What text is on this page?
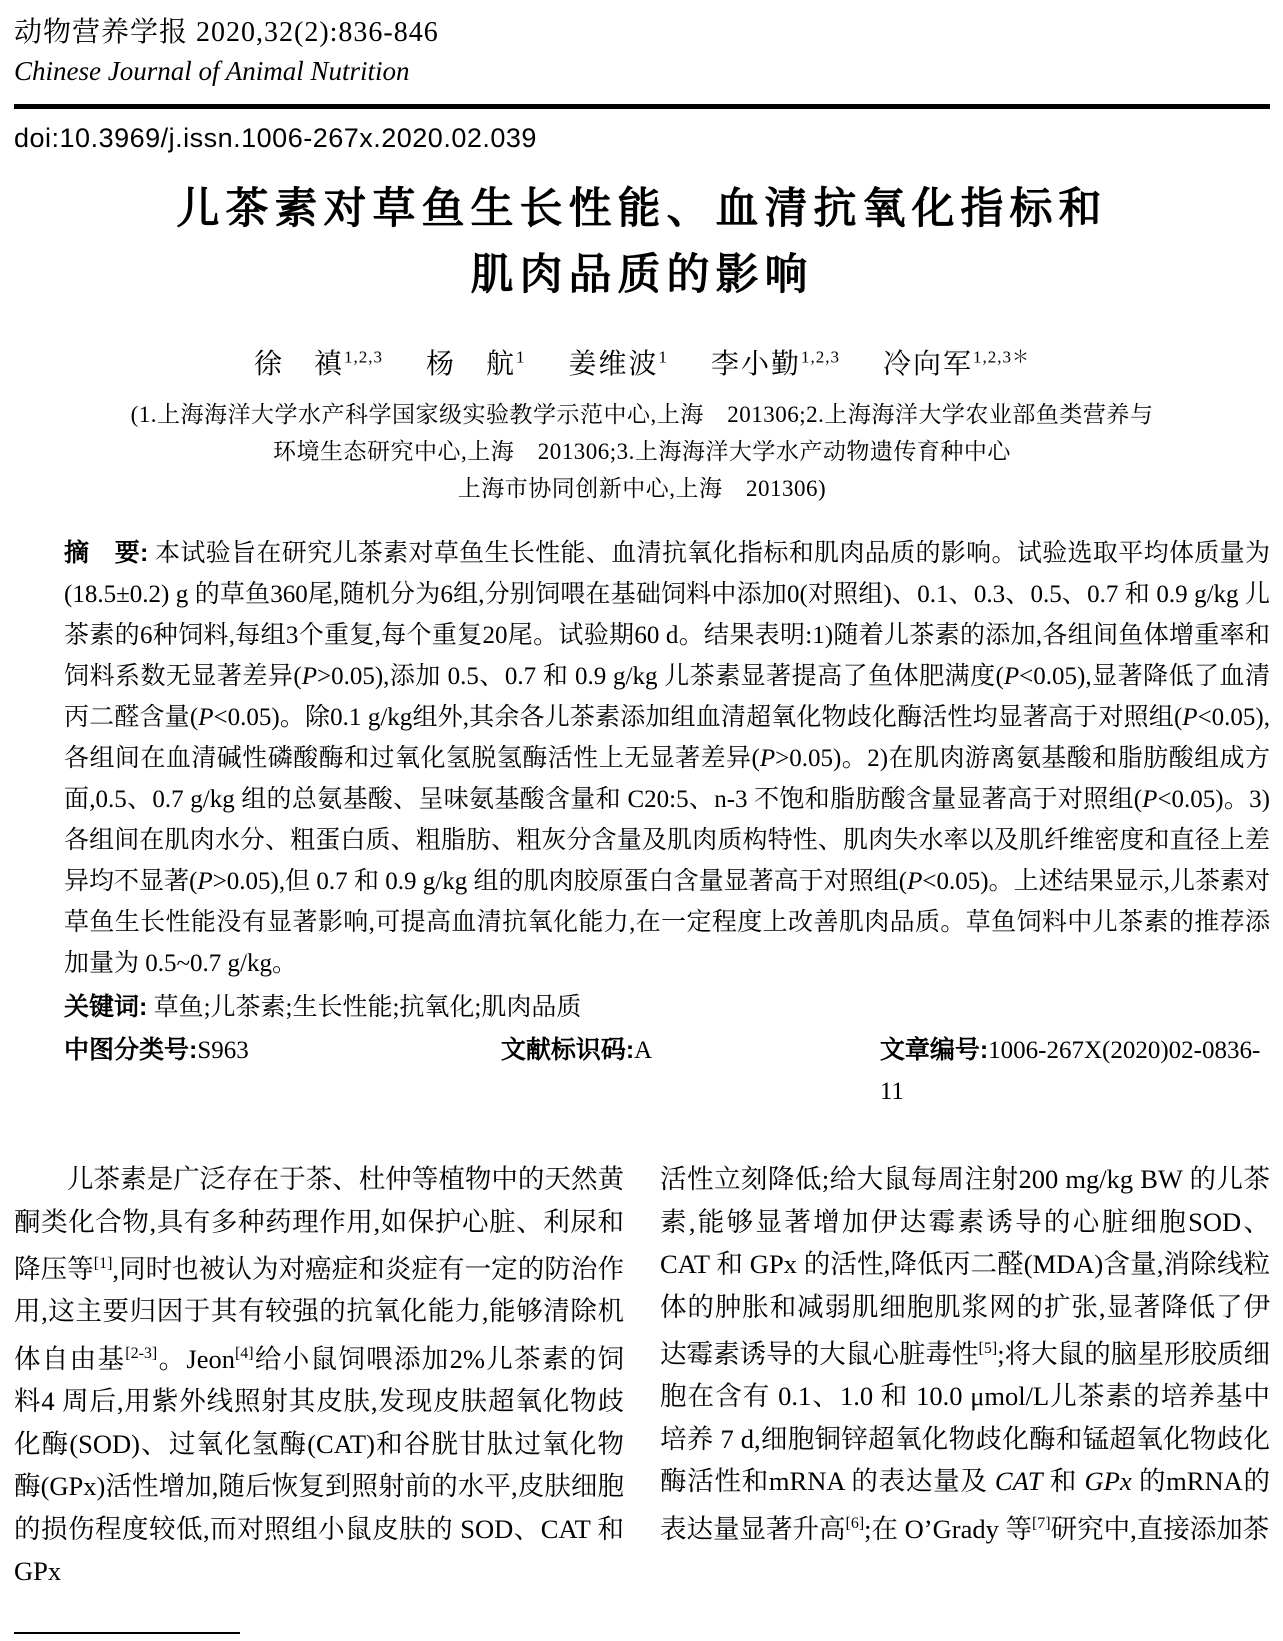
动物营养学报 2020,32(2):836-846
Chinese Journal of Animal Nutrition
doi:10.3969/j.issn.1006-267x.2020.02.039
儿茶素对草鱼生长性能、血清抗氧化指标和
肌肉品质的影响
徐　禛$^{1,2,3}$ 杨　航$^1$ 姜维波$^1$ 李小勤$^{1,2,3}$ 冷向军$^{1,2,3*}$
(1.上海海洋大学水产科学国家级实验教学示范中心,上海　201306;2.上海海洋大学农业部鱼类营养与
环境生态研究中心,上海　201306;3.上海海洋大学水产动物遗传育种中心
上海市协同创新中心,上海　201306)
摘　要: 本试验旨在研究儿茶素对草鱼生长性能、血清抗氧化指标和肌肉品质的影响。试验选取平均体质量为(18.5±0.2) g 的草鱼360尾,随机分为6组,分别饲喂在基础饲料中添加0(对照组)、0.1、0.3、0.5、0.7 和 0.9 g/kg 儿茶素的6种饲料,每组3个重复,每个重复20尾。试验期60 d。结果表明:1)随着儿茶素的添加,各组间鱼体增重率和饲料系数无显著差异(P>0.05),添加 0.5、0.7 和 0.9 g/kg 儿茶素显著提高了鱼体肥满度(P<0.05),显著降低了血清丙二醛含量(P<0.05)。除0.1 g/kg组外,其余各儿茶素添加组血清超氧化物歧化酶活性均显著高于对照组(P<0.05),各组间在血清碱性磷酸酶和过氧化氢脱氢酶活性上无显著差异(P>0.05)。2)在肌肉游离氨基酸和脂肪酸组成方面,0.5、0.7 g/kg 组的总氨基酸、呈味氨基酸含量和 C20:5、n-3 不饱和脂肪酸含量显著高于对照组(P<0.05)。3)各组间在肌肉水分、粗蛋白质、粗脂肪、粗灰分含量及肌肉质构特性、肌肉失水率以及肌纤维密度和直径上差异均不显著(P>0.05),但 0.7 和 0.9 g/kg 组的肌肉胶原蛋白含量显著高于对照组(P<0.05)。上述结果显示,儿茶素对草鱼生长性能没有显著影响,可提高血清抗氧化能力,在一定程度上改善肌肉品质。草鱼饲料中儿茶素的推荐添加量为 0.5~0.7 g/kg。
关键词: 草鱼;儿茶素;生长性能;抗氧化;肌肉品质
中图分类号:S963	文献标识码:A	文章编号:1006-267X(2020)02-0836-11

儿茶素是广泛存在于茶、杜仲等植物中的天然黄酮类化合物,具有多种药理作用,如保护心脏、利尿和降压等[1],同时也被认为对癌症和炎症有一定的防治作用,这主要归因于其有较强的抗氧化能力,能够清除机体自由基[2-3]。Jeon[4]给小鼠饲喂添加2%儿茶素的饲料4 周后,用紫外线照射其皮肤,发现皮肤超氧化物歧化酶(SOD)、过氧化氢酶(CAT)和谷胱甘肽过氧化物酶(GPx)活性增加,随后恢复到照射前的水平,皮肤细胞的损伤程度较低,而对照组小鼠皮肤的 SOD、CAT 和 GPx

活性立刻降低;给大鼠每周注射200 mg/kg BW 的儿茶素,能够显著增加伊达霉素诱导的心脏细胞SOD、CAT 和 GPx 的活性,降低丙二醛(MDA)含量,消除线粒体的肿胀和减弱肌细胞肌浆网的扩张,显著降低了伊达霉素诱导的大鼠心脏毒性[5];将大鼠的脑星形胶质细胞在含有 0.1、1.0 和 10.0 μmol/L儿茶素的培养基中培养 7 d,细胞铜锌超氧化物歧化酶和锰超氧化物歧化酶活性和mRNA 的表达量及 CAT 和 GPx 的mRNA的表达量显著升高[6];在 O’Grady 等[7]研究中,直接添加茶
